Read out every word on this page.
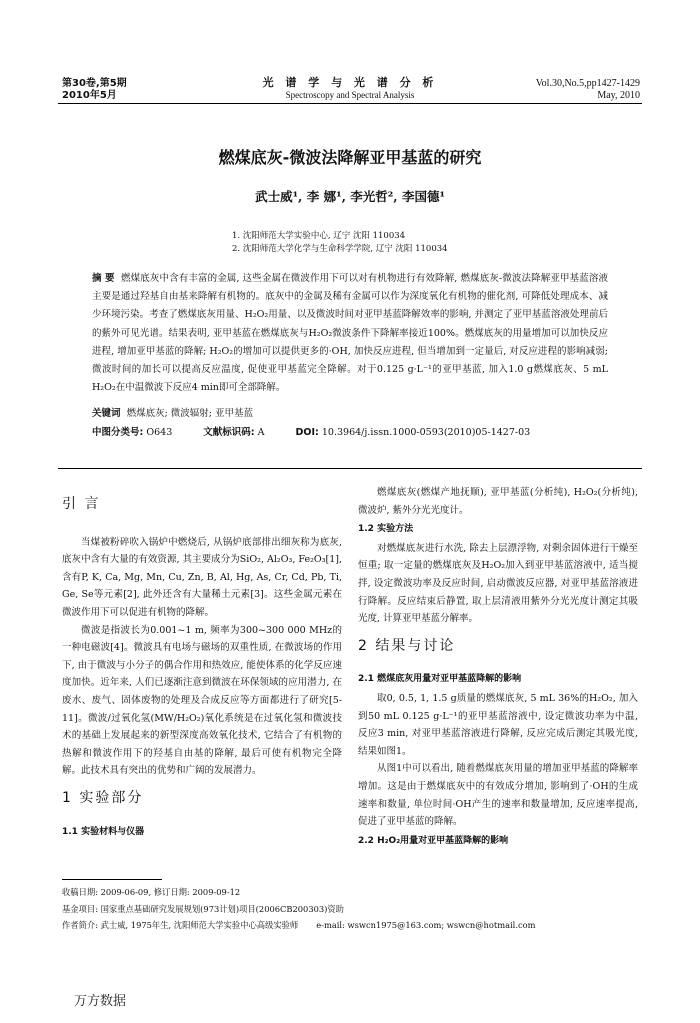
第30卷,第5期
2010年5月
光 谱 学 与 光 谱 分 析
Spectroscopy and Spectral Analysis
Vol.30,No.5,pp1427-1429
May, 2010
燃煤底灰-微波法降解亚甲基蓝的研究
武士威¹, 李 娜¹, 李光哲², 李国德¹
1. 沈阳师范大学实验中心, 辽宁 沈阳 110034
2. 沈阳师范大学化学与生命科学学院, 辽宁 沈阳 110034
摘 要 燃煤底灰中含有丰富的金属, 这些金属在微波作用下可以对有机物进行有效降解, 燃煤底灰-微波法降解亚甲基蓝溶液主要是通过羟基自由基来降解有机物的。底灰中的金属及稀有金属可以作为深度氧化有机物的催化剂, 可降低处理成本、减少环境污染。考查了燃煤底灰用量、H₂O₂用量、以及微波时间对亚甲基蓝降解效率的影响, 并测定了亚甲基蓝溶液处理前后的紫外可见光谱。结果表明, 亚甲基蓝在燃煤底灰与H₂O₂微波条件下降解率接近100%。燃煤底灰的用量增加可以加快反应进程, 增加亚甲基蓝的降解; H₂O₂的增加可以提供更多的·OH, 加快反应进程, 但当增加到一定量后, 对反应进程的影响减弱; 微波时间的加长可以提高反应温度, 促使亚甲基蓝完全降解。对于0.125 g·L⁻¹的亚甲基蓝, 加入1.0 g燃煤底灰、5 mL H₂O₂在中温微波下反应4 min即可全部降解。
关键词 燃煤底灰; 微波辐射; 亚甲基蓝
中图分类号: O643	文献标识码: A	DOI: 10.3964/j.issn.1000-0593(2010)05-1427-03
引 言

当煤被粉碎吹入锅炉中燃烧后, 从锅炉底部排出细灰称为底灰, 底灰中含有大量的有效资源, 其主要成分为SiO₂, Al₂O₃, Fe₂O₃[1], 含有P, K, Ca, Mg, Mn, Cu, Zn, B, Al, Hg, As, Cr, Cd, Pb, Ti, Ge, Se等元素[2], 此外还含有大量稀土元素[3]。这些金属元素在微波作用下可以促进有机物的降解。

微波是指波长为0.001~1 m, 频率为300~300 000 MHz的一种电磁波[4]。微波具有电场与磁场的双重性质, 在微波场的作用下, 由于微波与小分子的偶合作用和热效应, 能使体系的化学反应速度加快。近年来, 人们已逐渐注意到微波在环保领域的应用潜力, 在废水、废气、固体废物的处理及合成反应等方面都进行了研究[5-11]。微波/过氧化氢(MW/H₂O₂)氧化系统是在过氧化氢和微波技术的基础上发展起来的新型深度高效氧化技术, 它结合了有机物的热解和微波作用下的羟基自由基的降解, 最后可使有机物完全降解。此技术具有突出的优势和广阔的发展潜力。

1 实验部分
1.1 实验材料与仪器

燃煤底灰(燃煤产地抚顺), 亚甲基蓝(分析纯), H₂O₂(分析纯), 微波炉, 紫外分光光度计。

1.2 实验方法

对燃煤底灰进行水洗, 除去上层漂浮物, 对剩余固体进行干燥至恒重; 取一定量的燃煤底灰及H₂O₂加入到亚甲基蓝溶液中, 适当搅拌, 设定微波功率及反应时间, 启动微波反应器, 对亚甲基蓝溶液进行降解。反应结束后静置, 取上层清液用紫外分光光度计测定其吸光度, 计算亚甲基蓝分解率。

2 结果与讨论
2.1 燃煤底灰用量对亚甲基蓝降解的影响

取0, 0.5, 1, 1.5 g质量的燃煤底灰, 5 mL 36%的H₂O₂, 加入到50 mL 0.125 g·L⁻¹的亚甲基蓝溶液中, 设定微波功率为中温, 反应3 min, 对亚甲基蓝溶液进行降解, 反应完成后测定其吸光度, 结果如图1。

从图1中可以看出, 随着燃煤底灰用量的增加亚甲基蓝的降解率增加。这是由于燃煤底灰中的有效成分增加, 影响到了·OH的生成速率和数量, 单位时间·OH产生的速率和数量增加, 反应速率提高, 促进了亚甲基蓝的降解。

2.2 H₂O₂用量对亚甲基蓝降解的影响
收稿日期: 2009-06-09, 修订日期: 2009-09-12
基金项目: 国家重点基础研究发展规划(973计划)项目(2006CB200303)资助
作者简介: 武士威, 1975年生, 沈阳师范大学实验中心高级实验师 e-mail: wswcn1975@163.com; wswcn@hotmail.com
万方数据
